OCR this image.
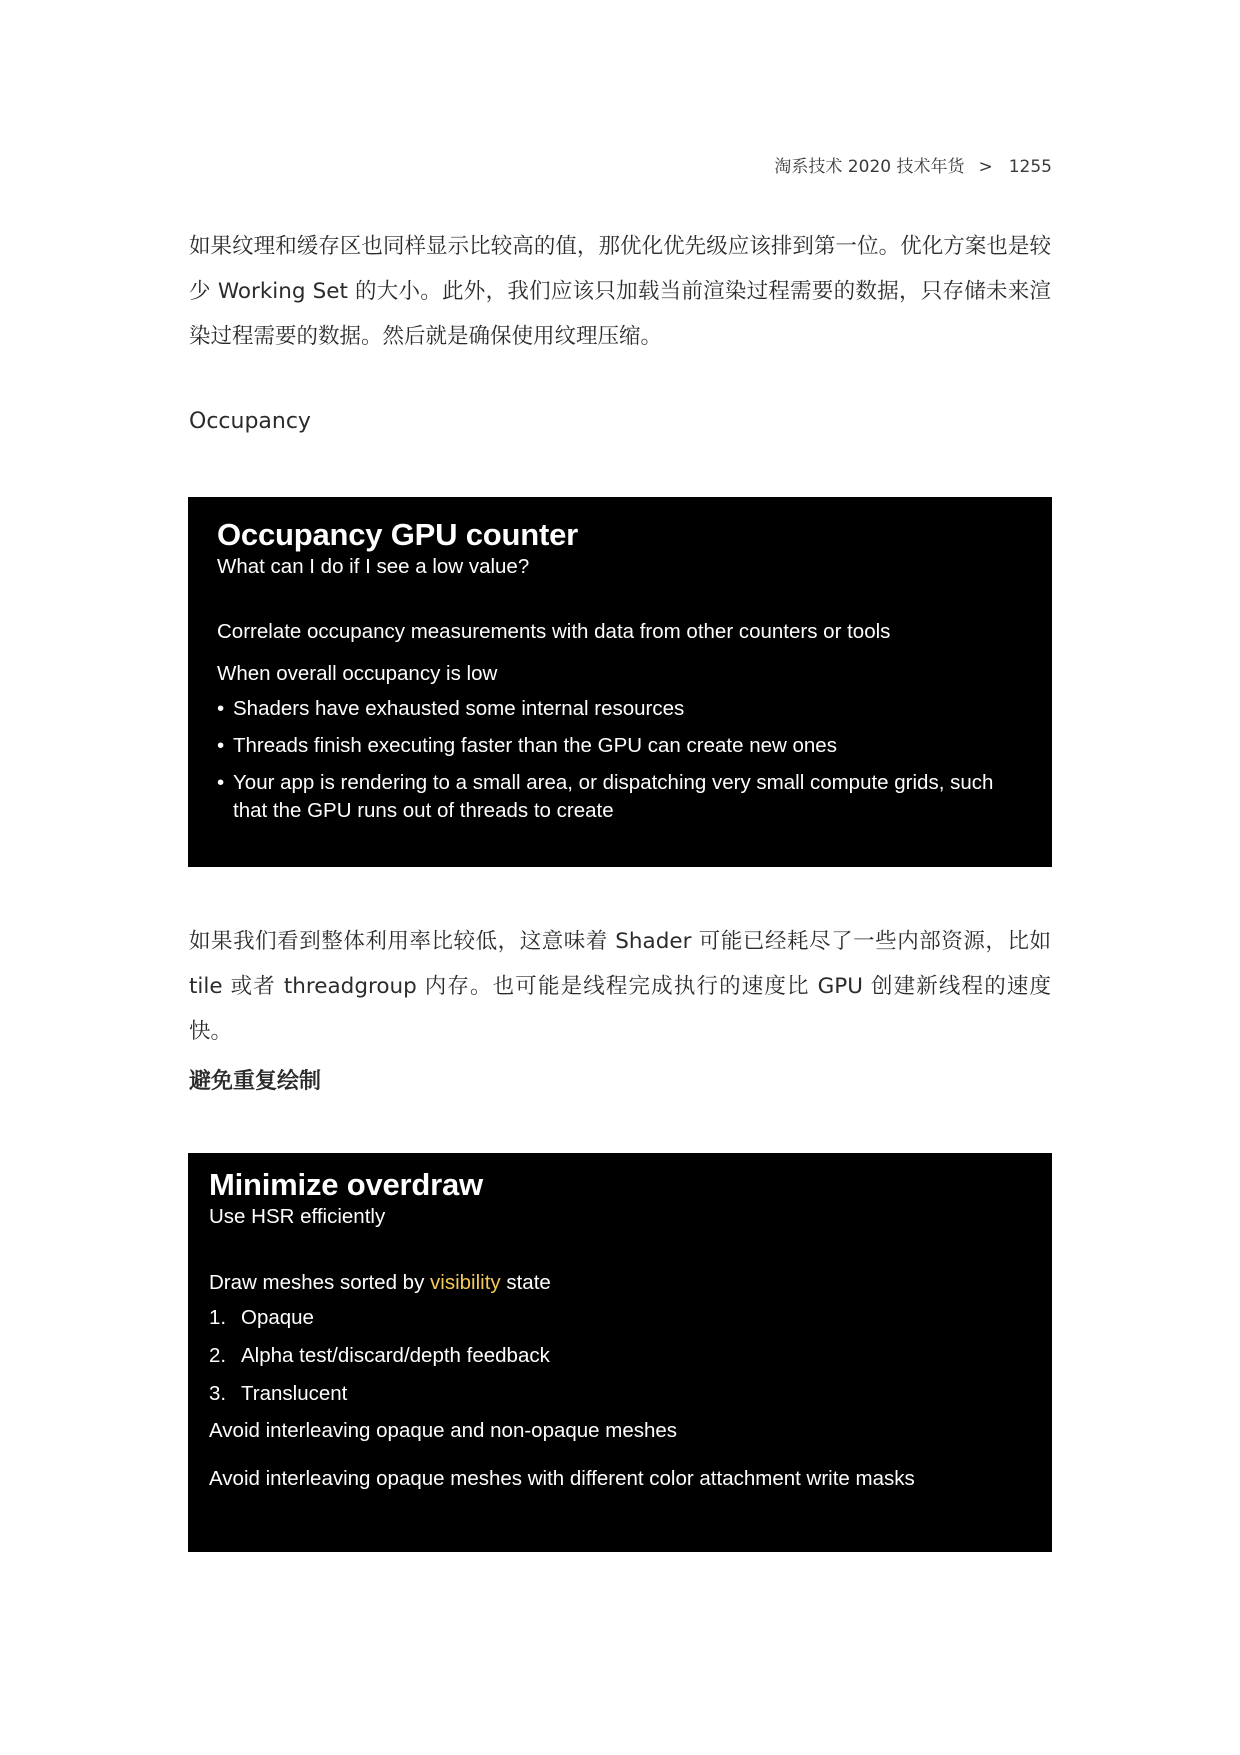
淘系技术 2020 技术年货 > 1255

如果纹理和缓存区也同样显示比较高的值，那优化优先级应该排到第一位。优化方案也是较少 Working Set 的大小。此外，我们应该只加载当前渲染过程需要的数据，只存储未来渲染过程需要的数据。然后就是确保使用纹理压缩。

Occupancy

Occupancy GPU counter

What can I do if I see a low value?

Correlate occupancy measurements with data from other counters or tools

When overall occupancy is low

• Shaders have exhausted some internal resources
• Threads finish executing faster than the GPU can create new ones
• Your app is rendering to a small area, or dispatching very small compute grids, such that the GPU runs out of threads to create

如果我们看到整体利用率比较低，这意味着 Shader 可能已经耗尽了一些内部资源，比如 tile 或者 threadgroup 内存。也可能是线程完成执行的速度比 GPU 创建新线程的速度快。

避免重复绘制

Minimize overdraw

Use HSR efficiently

Draw meshes sorted by visibility state

1. Opaque
2. Alpha test/discard/depth feedback
3. Translucent

Avoid interleaving opaque and non-opaque meshes

Avoid interleaving opaque meshes with different color attachment write masks
